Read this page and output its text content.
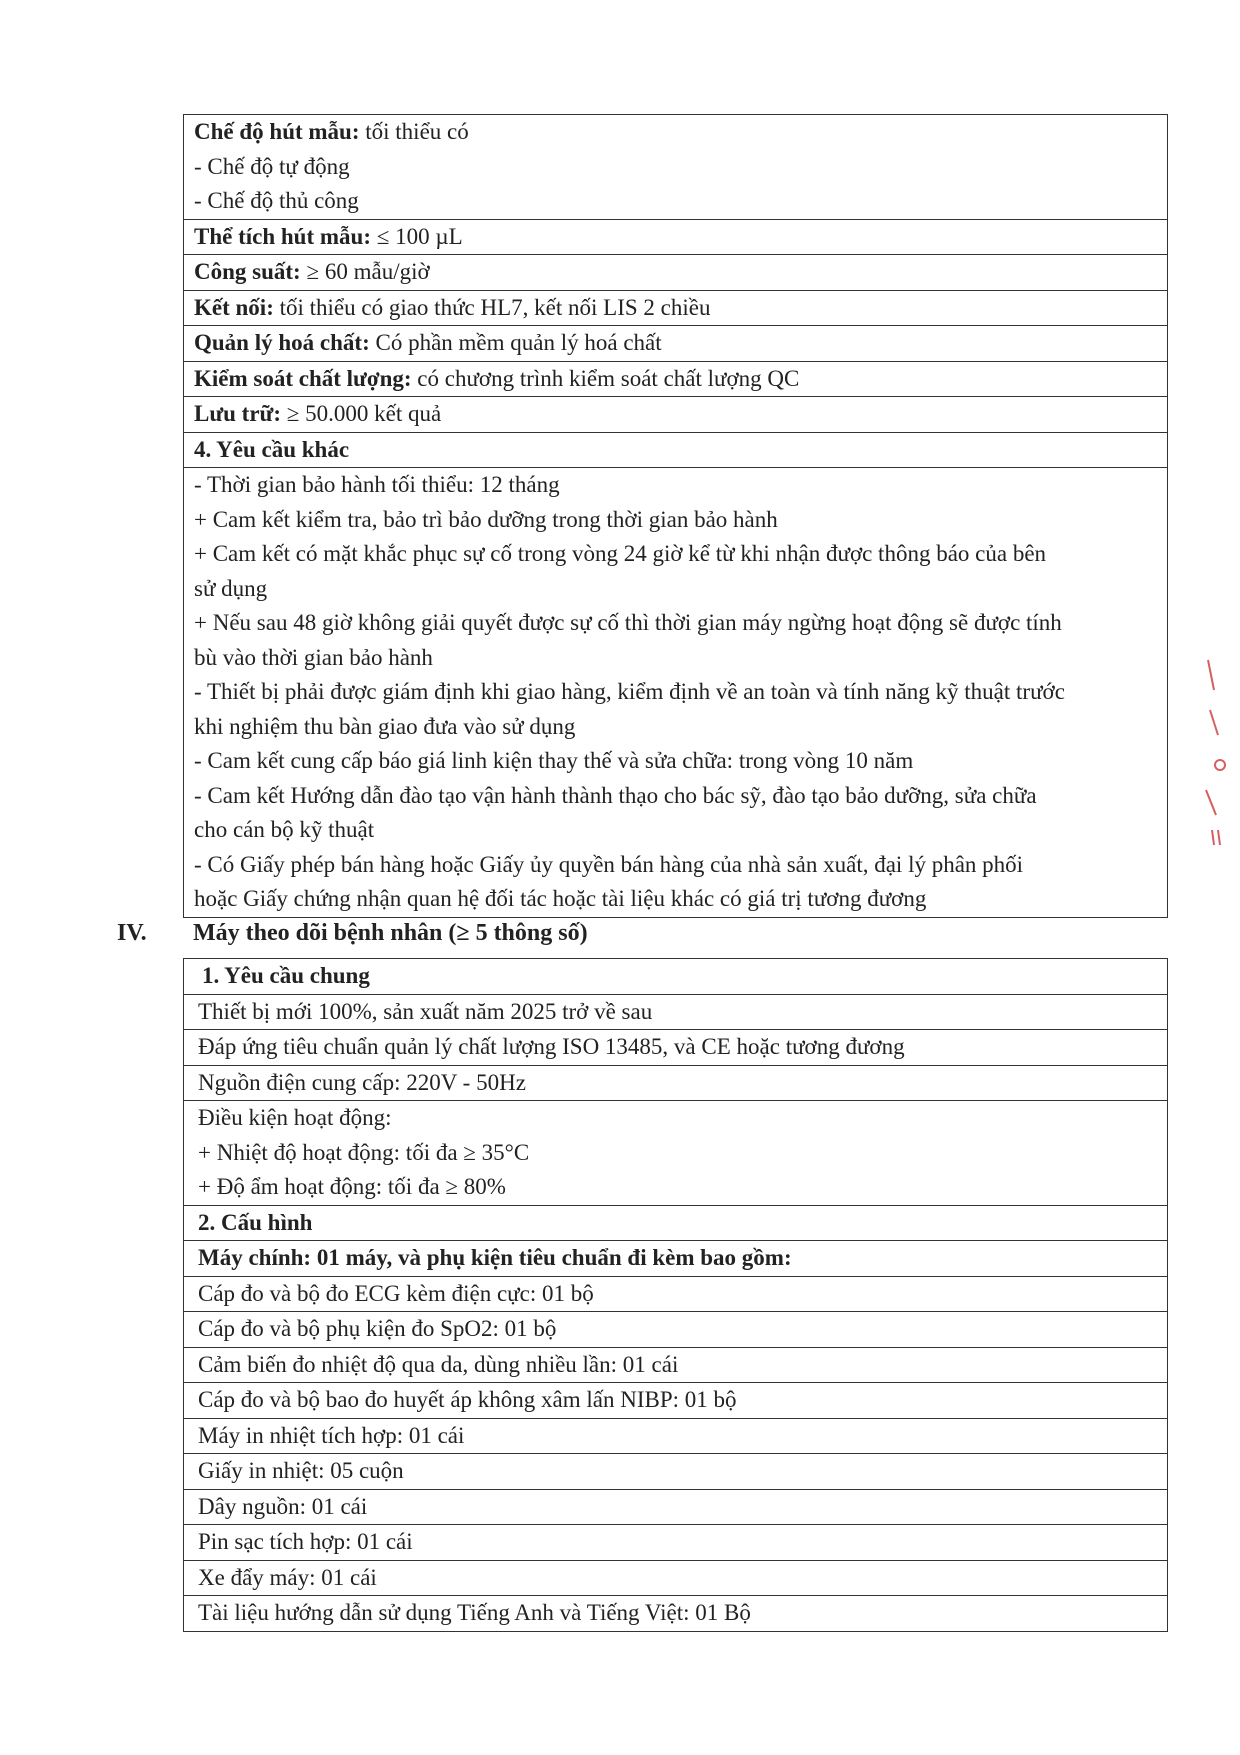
Chế độ hút mẫu: tối thiểu có
- Chế độ tự động
- Chế độ thủ công

Thể tích hút mẫu: ≤ 100 µL
Công suất: ≥ 60 mẫu/giờ
Kết nối: tối thiểu có giao thức HL7, kết nối LIS 2 chiều
Quản lý hoá chất: Có phần mềm quản lý hoá chất
Kiểm soát chất lượng: có chương trình kiểm soát chất lượng QC
Lưu trữ: ≥ 50.000 kết quả
4. Yêu cầu khác

- Thời gian bảo hành tối thiểu: 12 tháng
+ Cam kết kiểm tra, bảo trì bảo dưỡng trong thời gian bảo hành
+ Cam kết có mặt khắc phục sự cố trong vòng 24 giờ kể từ khi nhận được thông báo của bên
sử dụng
+ Nếu sau 48 giờ không giải quyết được sự cố thì thời gian máy ngừng hoạt động sẽ được tính
bù vào thời gian bảo hành
- Thiết bị phải được giám định khi giao hàng, kiểm định về an toàn và tính năng kỹ thuật trước
khi nghiệm thu bàn giao đưa vào sử dụng
- Cam kết cung cấp báo giá linh kiện thay thế và sửa chữa: trong vòng 10 năm
- Cam kết Hướng dẫn đào tạo vận hành thành thạo cho bác sỹ, đào tạo bảo dưỡng, sửa chữa
cho cán bộ kỹ thuật
- Có Giấy phép bán hàng hoặc Giấy ủy quyền bán hàng của nhà sản xuất, đại lý phân phối
hoặc Giấy chứng nhận quan hệ đối tác hoặc tài liệu khác có giá trị tương đương
IV.	Máy theo dõi bệnh nhân (≥ 5 thông số)
1. Yêu cầu chung
Thiết bị mới 100%, sản xuất năm 2025 trở về sau
Đáp ứng tiêu chuẩn quản lý chất lượng ISO 13485, và CE hoặc tương đương
Nguồn điện cung cấp: 220V - 50Hz

Điều kiện hoạt động:
+ Nhiệt độ hoạt động: tối đa ≥ 35°C
+ Độ ẩm hoạt động: tối đa ≥ 80%

2. Cấu hình
Máy chính: 01 máy, và phụ kiện tiêu chuẩn đi kèm bao gồm:
Cáp đo và bộ đo ECG kèm điện cực: 01 bộ
Cáp đo và bộ phụ kiện đo SpO2: 01 bộ
Cảm biến đo nhiệt độ qua da, dùng nhiều lần: 01 cái
Cáp đo và bộ bao đo huyết áp không xâm lấn NIBP: 01 bộ
Máy in nhiệt tích hợp: 01 cái
Giấy in nhiệt: 05 cuộn
Dây nguồn: 01 cái
Pin sạc tích hợp: 01 cái
Xe đẩy máy: 01 cái
Tài liệu hướng dẫn sử dụng Tiếng Anh và Tiếng Việt: 01 Bộ
